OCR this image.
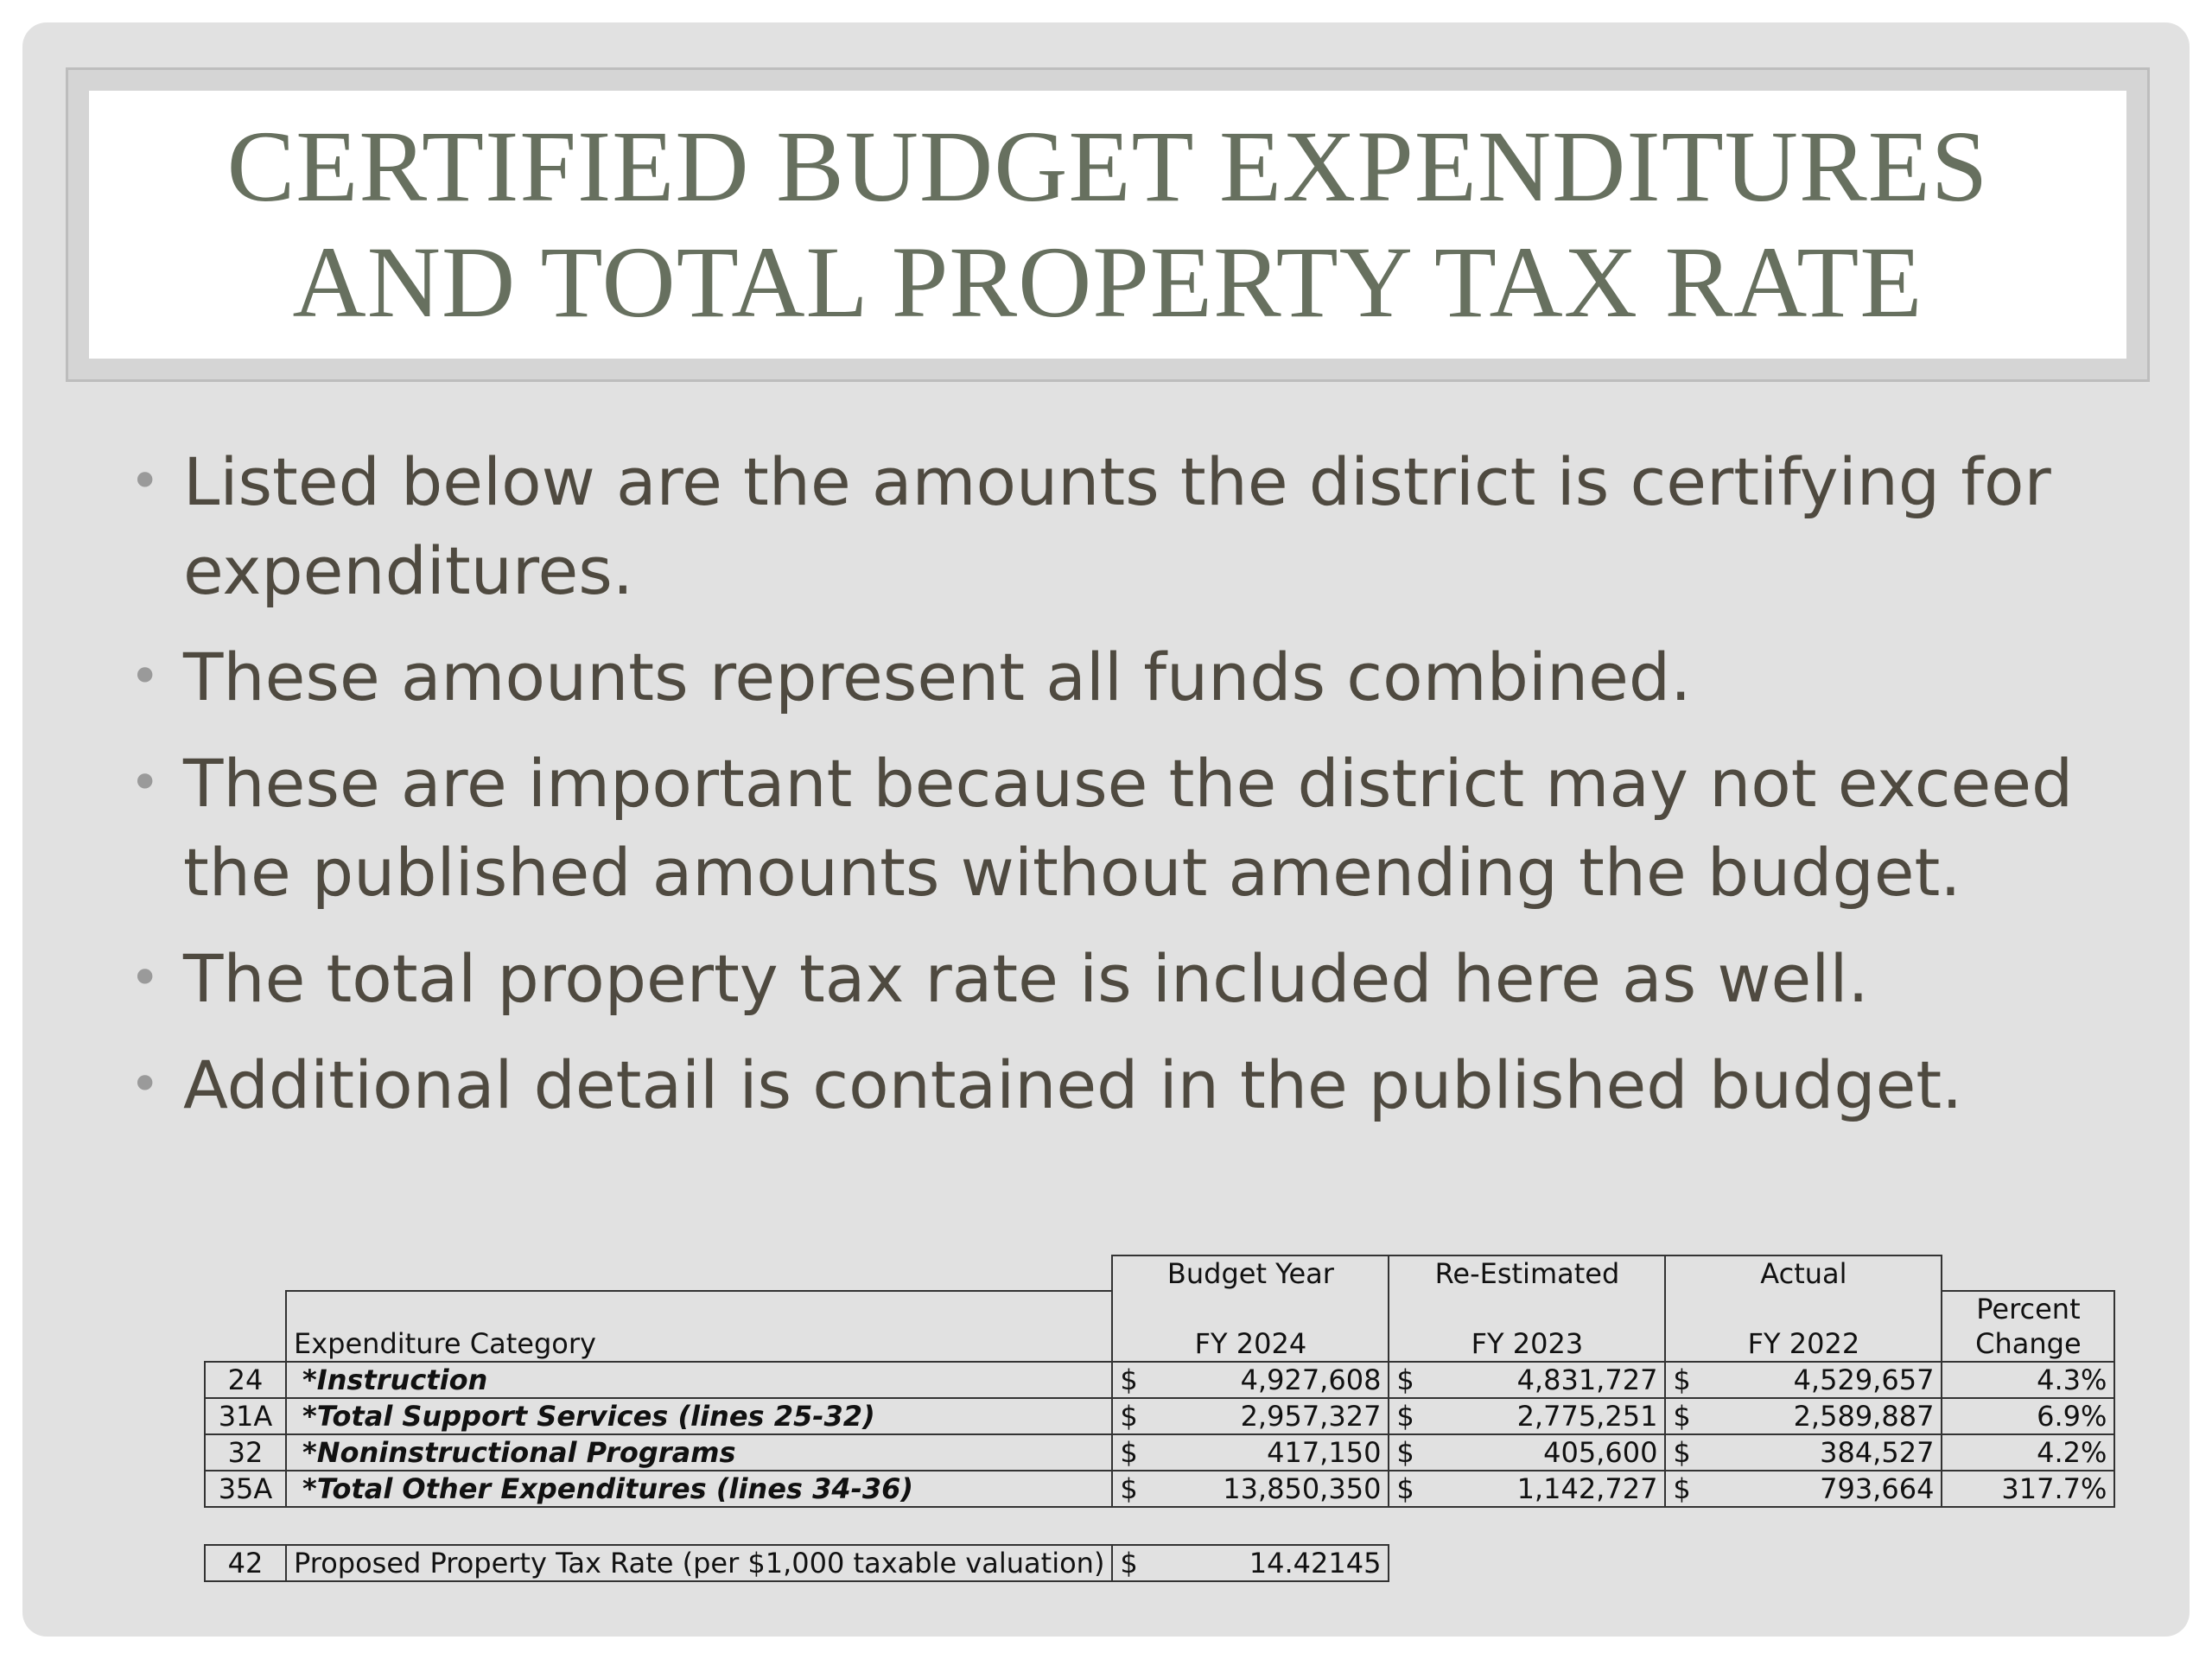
CERTIFIED BUDGET EXPENDITURES
AND TOTAL PROPERTY TAX RATE
• Listed below are the amounts the district is certifying for expenditures.
• These amounts represent all funds combined.
• These are important because the district may not exceed the published amounts without amending the budget.
• The total property tax rate is included here as well.
• Additional detail is contained in the published budget.
		Budget Year	Re-Estimated	Actual	
	Expenditure Category	FY 2024	FY 2023	FY 2022	Percent
Change

24	*Instruction	$ 4,927,608	$ 4,831,727	$ 4,529,657	4.3%
31A	*Total Support Services (lines 25-32)	$ 2,957,327	$ 2,775,251	$ 2,589,887	6.9%
32	*Noninstructional Programs	$ 417,150	$ 405,600	$ 384,527	4.2%
35A	*Total Other Expenditures (lines 34-36)	$ 13,850,350	$ 1,142,727	$ 793,664	317.7%

42	Proposed Property Tax Rate (per $1,000 taxable valuation)	$ 14.42145			
